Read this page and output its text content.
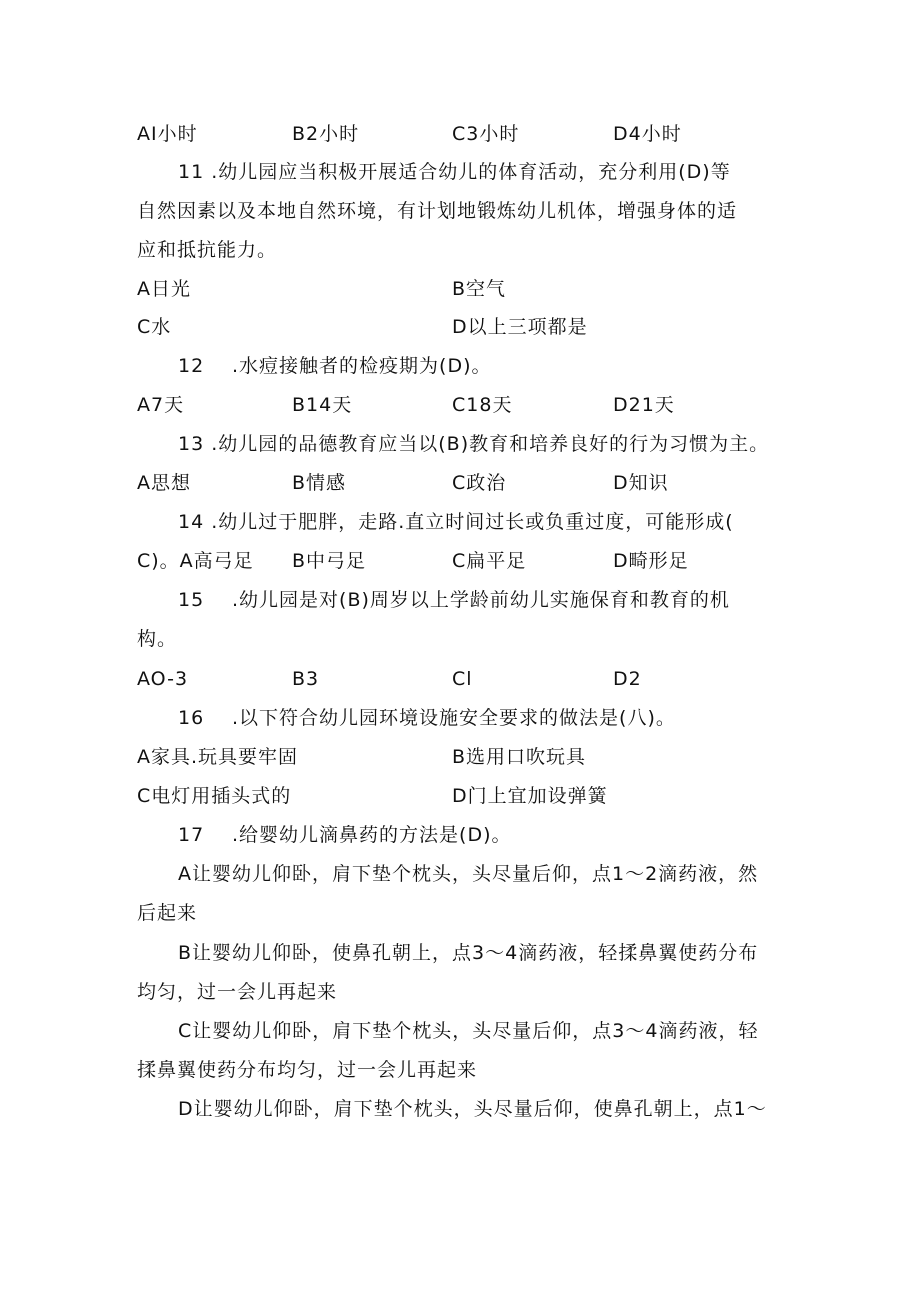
AI小时	B2小时	C3小时	D4小时
11 .幼儿园应当积极开展适合幼儿的体育活动，充分利用(D)等
自然因素以及本地自然环境，有计划地锻炼幼儿机体，增强身体的适
应和抵抗能力。
A日光	B空气
C水	D以上三项都是
12 .水痘接触者的检疫期为(D)。
A7天	B14天	C18天	D21天
13 .幼儿园的品德教育应当以(B)教育和培养良好的行为习惯为主。
A思想	B情感	C政治	D知识
14 .幼儿过于肥胖，走路.直立时间过长或负重过度，可能形成(
C)。A高弓足 B中弓足	C扁平足	D畸形足
15 .幼儿园是对(B)周岁以上学龄前幼儿实施保育和教育的机
构。
AO-3	B3	Cl	D2
16 .以下符合幼儿园环境设施安全要求的做法是(八)。
A家具.玩具要牢固	B选用口吹玩具
C电灯用插头式的	D门上宜加设弹簧
17 .给婴幼儿滴鼻药的方法是(D)。
A让婴幼儿仰卧，肩下垫个枕头，头尽量后仰，点1〜2滴药液，然
后起来
B让婴幼儿仰卧，使鼻孔朝上，点3〜4滴药液，轻揉鼻翼使药分布
均匀，过一会儿再起来
C让婴幼儿仰卧，肩下垫个枕头，头尽量后仰，点3〜4滴药液，轻
揉鼻翼使药分布均匀，过一会儿再起来
D让婴幼儿仰卧，肩下垫个枕头，头尽量后仰，使鼻孔朝上，点1〜
